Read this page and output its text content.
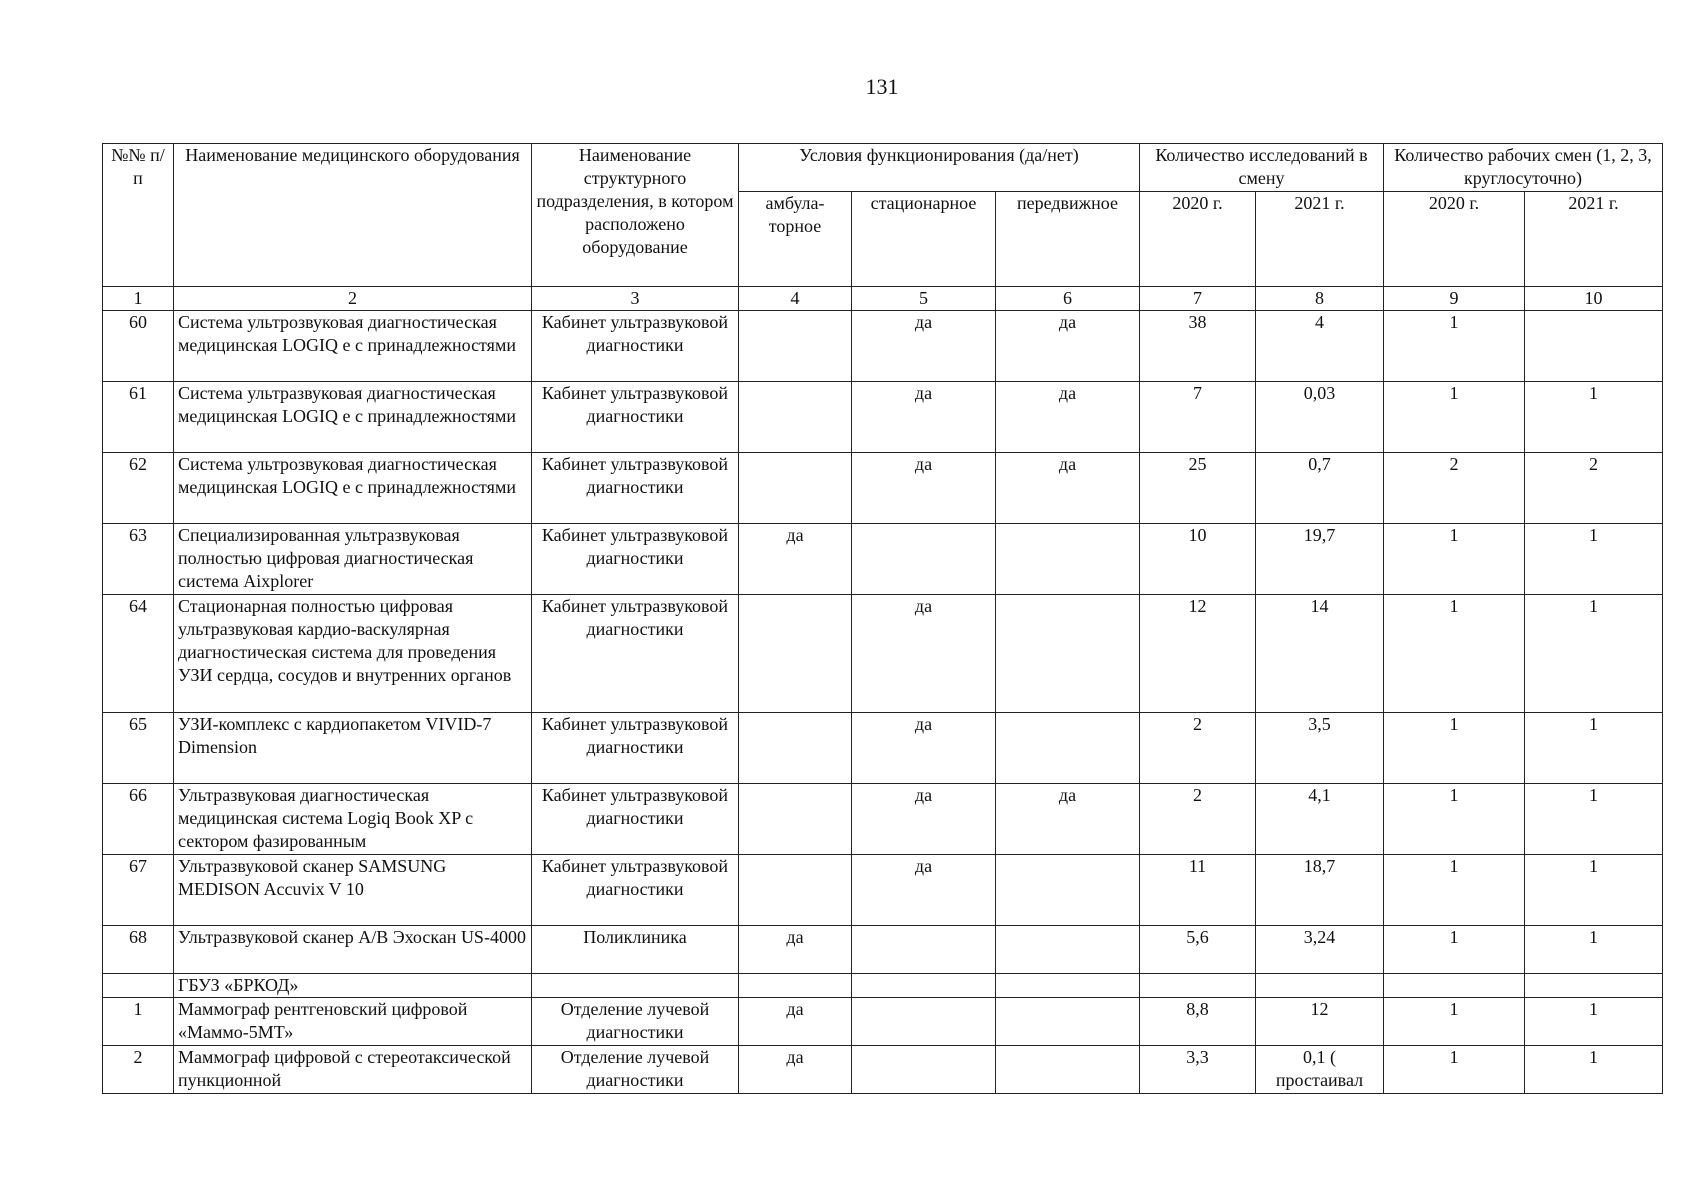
131
№№ п/п	Наименование медицинского оборудования	Наименование структурного подразделения, в котором расположено оборудование	Условия функционирования (да/нет)			Количество исследований в смену		Количество рабочих смен (1, 2, 3, круглосуточно)	
			амбула-торное	стационарное	передвижное	2020 г.	2021 г.	2020 г.	2021 г.
1	2	3	4	5	6	7	8	9	10
60	Система ультрозвуковая диагностическая медицинская LOGIQ e с принадлежностями	Кабинет ультразвуковой диагностики		да	да	38	4	1	
61	Система ультразвуковая диагностическая медицинская LOGIQ e с принадлежностями	Кабинет ультразвуковой диагностики		да	да	7	0,03	1	1
62	Система ультрозвуковая диагностическая медицинская LOGIQ e с принадлежностями	Кабинет ультразвуковой диагностики		да	да	25	0,7	2	2
63	Специализированная ультразвуковая полностью цифровая диагностическая система Aixplorer	Кабинет ультразвуковой диагностики	да			10	19,7	1	1
64	Стационарная полностью цифровая ультразвуковая кардио-васкулярная диагностическая система для проведения УЗИ сердца, сосудов и внутренних органов	Кабинет ультразвуковой диагностики		да		12	14	1	1
65	УЗИ-комплекс с кардиопакетом VIVID-7 Dimension	Кабинет ультразвуковой диагностики		да		2	3,5	1	1
66	Ультразвуковая диагностическая медицинская система Logiq Book XP с сектором фазированным	Кабинет ультразвуковой диагностики		да	да	2	4,1	1	1
67	Ультразвуковой сканер SAMSUNG MEDISON Accuvix V 10	Кабинет ультразвуковой диагностики		да		11	18,7	1	1
68	Ультразвуковой сканер А/В Эхоскан US-4000	Поликлиника	да			5,6	3,24	1	1
	ГБУЗ «БРКОД»								
1	Маммограф рентгеновский цифровой «Маммо-5МТ»	Отделение лучевой диагностики	да			8,8	12	1	1
2	Маммограф цифровой с стереотаксической пункционной	Отделение лучевой диагностики	да			3,3	0,1 ( простаивал	1	1
